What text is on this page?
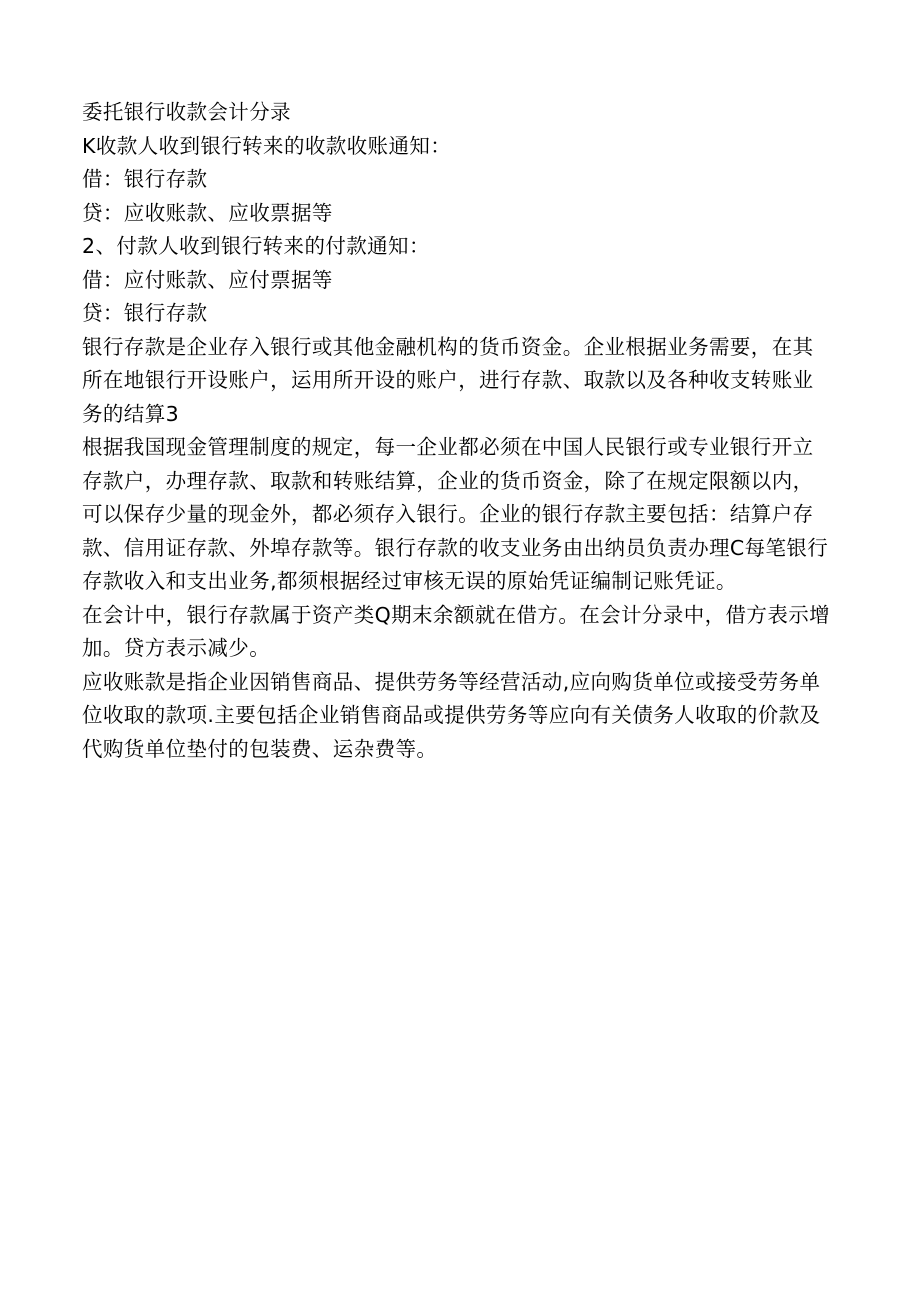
委托银行收款会计分录

K收款人收到银行转来的收款收账通知：

借：银行存款

贷：应收账款、应收票据等

2、付款人收到银行转来的付款通知：

借：应付账款、应付票据等

贷：银行存款

银行存款是企业存入银行或其他金融机构的货币资金。企业根据业务需要，在其所在地银行开设账户，运用所开设的账户，进行存款、取款以及各种收支转账业务的结算3

根据我国现金管理制度的规定，每一企业都必须在中国人民银行或专业银行开立存款户，办理存款、取款和转账结算，企业的货币资金，除了在规定限额以内，可以保存少量的现金外，都必须存入银行。企业的银行存款主要包括：结算户存款、信用证存款、外埠存款等。银行存款的收支业务由出纳员负责办理C每笔银行存款收入和支出业务,都须根据经过审核无误的原始凭证编制记账凭证。

在会计中，银行存款属于资产类Q期末余额就在借方。在会计分录中，借方表示增加。贷方表示减少。

应收账款是指企业因销售商品、提供劳务等经营活动,应向购货单位或接受劳务单位收取的款项.主要包括企业销售商品或提供劳务等应向有关债务人收取的价款及代购货单位垫付的包装费、运杂费等。
